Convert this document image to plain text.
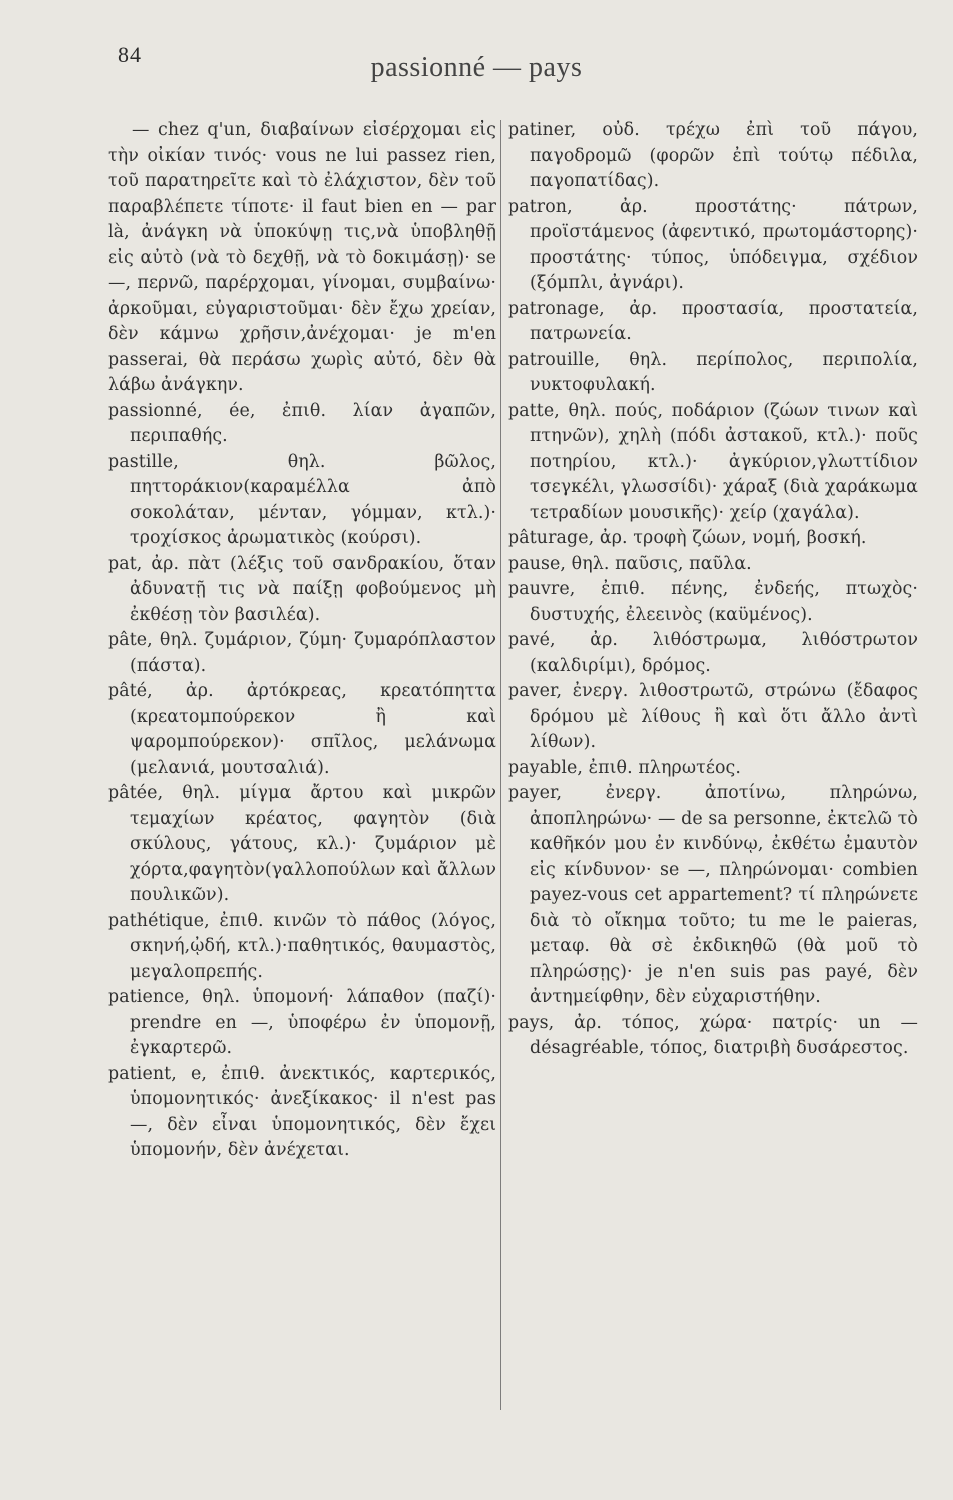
84	passionné — pays

— chez q'un, διαβαίνων εἰσέρχομαι εἰς τὴν οἰκίαν τινός· vous ne lui passez rien, τοῦ παρατηρεῖτε καὶ τὸ ἐλάχιστον, δὲν τοῦ παραβλέπετε τίποτε· il faut bien en — par là, ἀνάγκη νὰ ὑποκύψῃ τις,νὰ ὑποβληθῇ εἰς αὐτὸ (νὰ τὸ δεχθῇ, νὰ τὸ δοκιμάσῃ)· se —, περνῶ, παρέρχομαι, γίνομαι, συμβαίνω· ἀρκοῦμαι, εὐγαριστοῦμαι· δὲν ἔχω χρείαν, δὲν κάμνω χρῆσιν,ἀνέχομαι· je m'en passerai, θὰ περάσω χωρὶς αὐτό, δὲν θὰ λάβω ἀνάγκην.

passionné, ée, ἐπιθ. λίαν ἀγαπῶν, περιπαθής.

pastille, θηλ. βῶλος, πηττοράκιον(καραμέλλα ἀπὸ σοκολάταν, μένταν, γόμμαν, κτλ.)· τροχίσκος ἀρωματικὸς (κούρσι).

pat, ἀρ. πὰτ (λέξις τοῦ σανδρακίου, ὅταν ἀδυνατῇ τις νὰ παίξῃ φοβούμενος μὴ ἐκθέσῃ τὸν βασιλέα).

pâte, θηλ. ζυμάριον, ζύμη· ζυμαρόπλαστον (πάστα).

pâté, ἀρ. ἀρτόκρεας, κρεατόπηττα (κρεατομπούρεκον ἢ καὶ ψαρομπούρεκον)· σπῖλος, μελάνωμα (μελανιά, μουτσαλιά).

pâtée, θηλ. μίγμα ἄρτου καὶ μικρῶν τεμαχίων κρέατος, φαγητὸν (διὰ σκύλους, γάτους, κλ.)· ζυμάριον μὲ χόρτα,φαγητὸν(γαλλοπούλων καὶ ἄλλων πουλικῶν).

pathétique, ἐπιθ. κινῶν τὸ πάθος (λόγος, σκηνή,ᾠδή, κτλ.)·παθητικός, θαυμαστὸς, μεγαλοπρεπής.

patience, θηλ. ὑπομονή· λάπαθον (παζί)· prendre en —, ὑποφέρω ἐν ὑπομονῇ, ἐγκαρτερῶ.

patient, e, ἐπιθ. ἀνεκτικός, καρτερικός, ὑπομονητικός· ἀνεξίκακος· il n'est pas —, δὲν εἶναι ὑπομονητικός, δὲν ἔχει ὑπομονήν, δὲν ἀνέχεται.

patiner, οὐδ. τρέχω ἐπὶ τοῦ πάγου, παγοδρομῶ (φορῶν ἐπὶ τούτῳ πέδιλα, παγοπατίδας).

patron, ἀρ. προστάτης· πάτρων, προϊστάμενος (ἀφεντικό, πρωτομάστορης)· προστάτης· τύπος, ὑπόδειγμα, σχέδιον (ξόμπλι, ἀγνάρι).

patronage, ἀρ. προστασία, προστατεία, πατρωνεία.

patrouille, θηλ. περίπολος, περιπολία, νυκτοφυλακή.

patte, θηλ. πούς, ποδάριον (ζώων τινων καὶ πτηνῶν), χηλὴ (πόδι ἀστακοῦ, κτλ.)· ποῦς ποτηρίου, κτλ.)· ἀγκύριον,γλωττίδιον τσεγκέλι, γλωσσίδι)· χάραξ (διὰ χαράκωμα τετραδίων μουσικῆς)· χείρ (χαγάλα).

pâturage, ἀρ. τροφὴ ζώων, νομή, βοσκή.

pause, θηλ. παῦσις, παῦλα.

pauvre, ἐπιθ. πένης, ἐνδεής, πτωχὸς· δυστυχής, ἐλεεινὸς (καϋμένος).

pavé, ἀρ. λιθόστρωμα, λιθόστρωτον (καλδιρίμι), δρόμος.

paver, ἐνεργ. λιθοστρωτῶ, στρώνω (ἔδαφος δρόμου μὲ λίθους ἢ καὶ ὅτι ἄλλο ἀντὶ λίθων).

payable, ἐπιθ. πληρωτέος.

payer, ἐνεργ. ἀποτίνω, πληρώνω, ἀποπληρώνω· — de sa personne, ἐκτελῶ τὸ καθῆκόν μου ἐν κινδύνῳ, ἐκθέτω ἐμαυτὸν εἰς κίνδυνον· se —, πληρώνομαι· combien payez-vous cet appartement? τί πληρώνετε διὰ τὸ οἴκημα τοῦτο; tu me le paieras, μεταφ. θὰ σὲ ἐκδικηθῶ (θὰ μοῦ τὸ πληρώσῃς)· je n'en suis pas payé, δὲν ἀντημείφθην, δὲν εὐχαριστήθην.

pays, ἀρ. τόπος, χώρα· πατρίς· un — désagréable, τόπος, διατριβὴ δυσάρεστος.
